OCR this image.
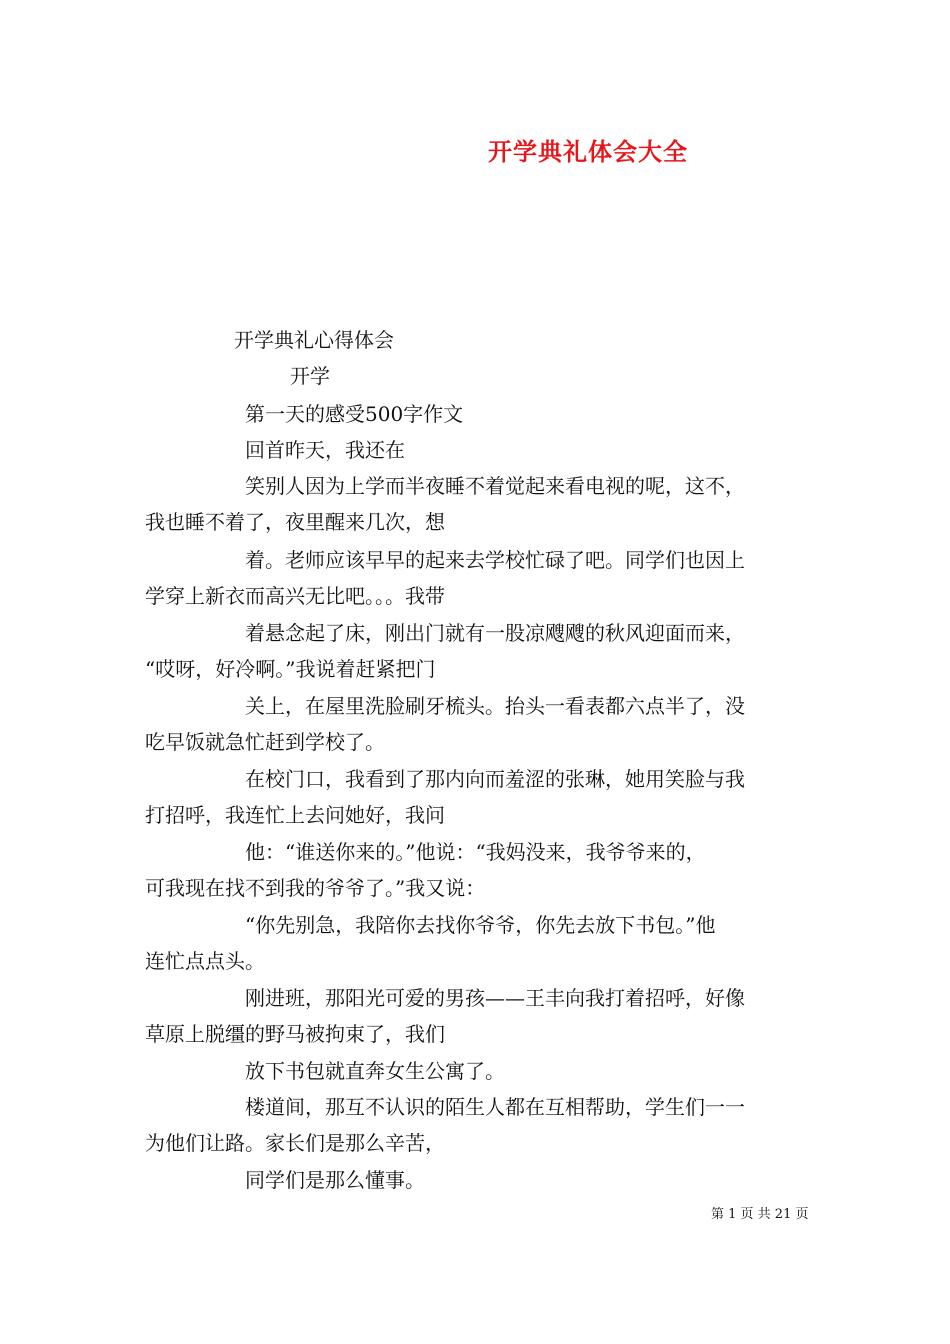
开学典礼体会大全
开学典礼心得体会
开学
第一天的感受500字作文
回首昨天，我还在
笑别人因为上学而半夜睡不着觉起来看电视的呢，这不，
我也睡不着了，夜里醒来几次，想
着。老师应该早早的起来去学校忙碌了吧。同学们也因上
学穿上新衣而高兴无比吧。。。我带
着悬念起了床，刚出门就有一股凉飕飕的秋风迎面而来，
“哎呀，好冷啊。”我说着赶紧把门
关上，在屋里洗脸刷牙梳头。抬头一看表都六点半了，没
吃早饭就急忙赶到学校了。
在校门口，我看到了那内向而羞涩的张琳，她用笑脸与我
打招呼，我连忙上去问她好，我问
他：“谁送你来的。”他说：“我妈没来，我爷爷来的，
可我现在找不到我的爷爷了。”我又说：
“你先别急，我陪你去找你爷爷，你先去放下书包。”他
连忙点点头。
刚进班，那阳光可爱的男孩——王丰向我打着招呼，好像
草原上脱缰的野马被拘束了，我们
放下书包就直奔女生公寓了。
楼道间，那互不认识的陌生人都在互相帮助，学生们一一
为他们让路。家长们是那么辛苦，
同学们是那么懂事。
第 1 页 共 21 页
